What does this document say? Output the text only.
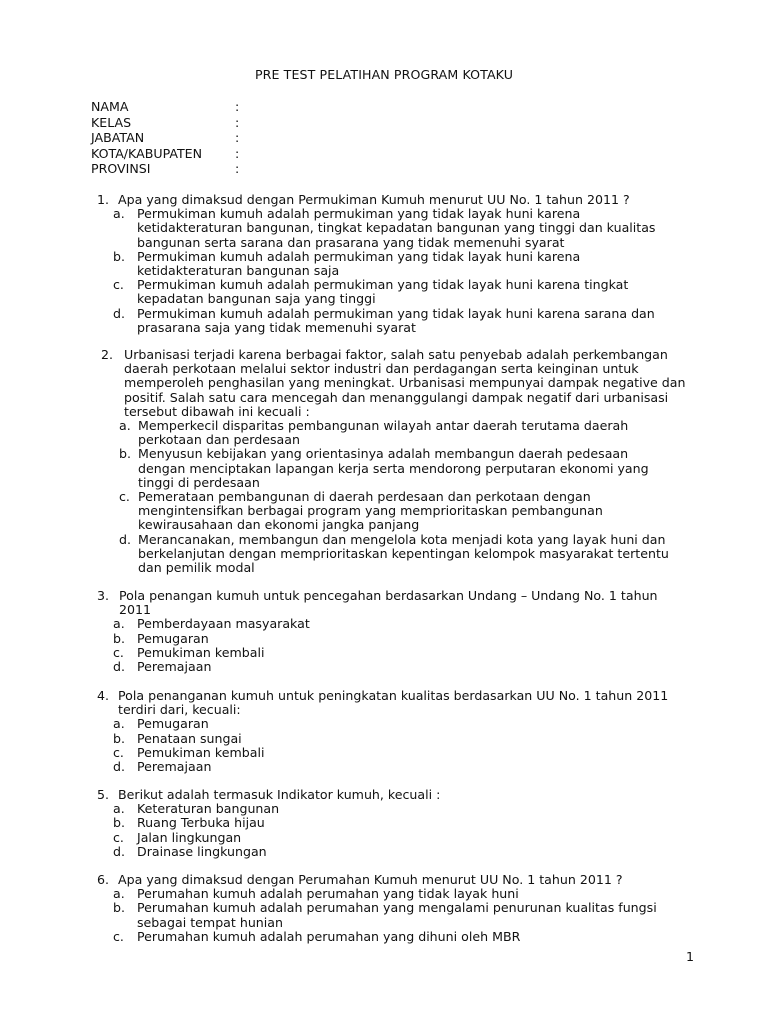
PRE TEST PELATIHAN PROGRAM KOTAKU
NAMA	:
KELAS	:
JABATAN	:
KOTA/KABUPATEN	:
PROVINSI	:
1. Apa yang dimaksud dengan Permukiman Kumuh menurut UU No. 1 tahun 2011 ?
a. Permukiman kumuh adalah permukiman yang tidak layak huni karena ketidakteraturan bangunan, tingkat kepadatan bangunan yang tinggi dan kualitas bangunan serta sarana dan prasarana yang tidak memenuhi syarat
b. Permukiman kumuh adalah permukiman yang tidak layak huni karena ketidakteraturan bangunan saja
c. Permukiman kumuh adalah permukiman yang tidak layak huni karena tingkat kepadatan bangunan saja yang tinggi
d. Permukiman kumuh adalah permukiman yang tidak layak huni karena sarana dan prasarana saja yang tidak memenuhi syarat
2. Urbanisasi terjadi karena berbagai faktor, salah satu penyebab adalah perkembangan daerah perkotaan melalui sektor industri dan perdagangan serta keinginan untuk memperoleh penghasilan yang meningkat. Urbanisasi mempunyai dampak negative dan positif. Salah satu cara mencegah dan menanggulangi dampak negatif dari urbanisasi tersebut dibawah ini kecuali :
a. Memperkecil disparitas pembangunan wilayah antar daerah terutama daerah perkotaan dan perdesaan
b. Menyusun kebijakan yang orientasinya adalah membangun daerah pedesaan dengan menciptakan lapangan kerja serta mendorong perputaran ekonomi yang tinggi di perdesaan
c. Pemerataan pembangunan di daerah perdesaan dan perkotaan dengan mengintensifkan berbagai program yang memprioritaskan pembangunan kewirausahaan dan ekonomi jangka panjang
d. Merancanakan, membangun dan mengelola kota menjadi kota yang layak huni dan berkelanjutan dengan memprioritaskan kepentingan kelompok masyarakat tertentu dan pemilik modal
3. Pola penangan kumuh untuk pencegahan berdasarkan Undang – Undang No. 1 tahun 2011
a. Pemberdayaan masyarakat
b. Pemugaran
c. Pemukiman kembali
d. Peremajaan
4. Pola penanganan kumuh untuk peningkatan kualitas berdasarkan UU No. 1 tahun 2011 terdiri dari, kecuali:
a. Pemugaran
b. Penataan sungai
c. Pemukiman kembali
d. Peremajaan
5. Berikut adalah termasuk Indikator kumuh, kecuali :
a. Keteraturan bangunan
b. Ruang Terbuka hijau
c. Jalan lingkungan
d. Drainase lingkungan
6. Apa yang dimaksud dengan Perumahan Kumuh menurut UU No. 1 tahun 2011 ?
a. Perumahan kumuh adalah perumahan yang tidak layak huni
b. Perumahan kumuh adalah perumahan yang mengalami penurunan kualitas fungsi sebagai tempat hunian
c. Perumahan kumuh adalah perumahan yang dihuni oleh MBR
1
